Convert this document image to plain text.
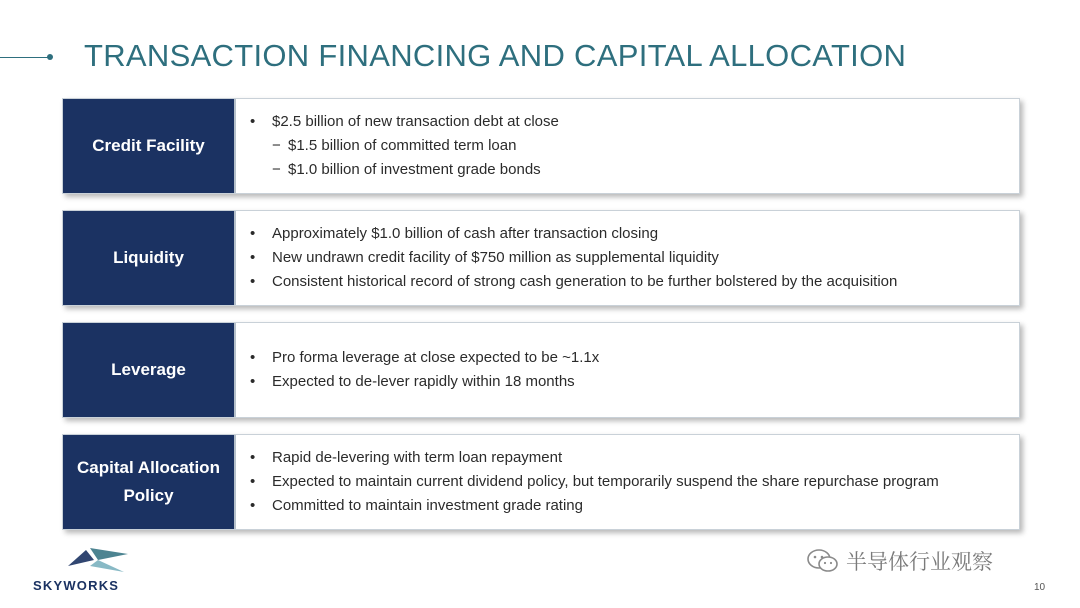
TRANSACTION FINANCING AND CAPITAL ALLOCATION
Credit Facility
•	$2.5 billion of new transaction debt at close
− $1.5 billion of committed term loan
− $1.0 billion of investment grade bonds
Liquidity
•	Approximately $1.0 billion of cash after transaction closing
•	New undrawn credit facility of $750 million as supplemental liquidity
•	Consistent historical record of strong cash generation to be further bolstered by the acquisition
Leverage
•	Pro forma leverage at close expected to be ~1.1x
•	Expected to de-lever rapidly within 18 months
Capital Allocation Policy
•	Rapid de-levering with term loan repayment
•	Expected to maintain current dividend policy, but temporarily suspend the share repurchase program
•	Committed to maintain investment grade rating
SKYWORKS
半导体行业观察
10
